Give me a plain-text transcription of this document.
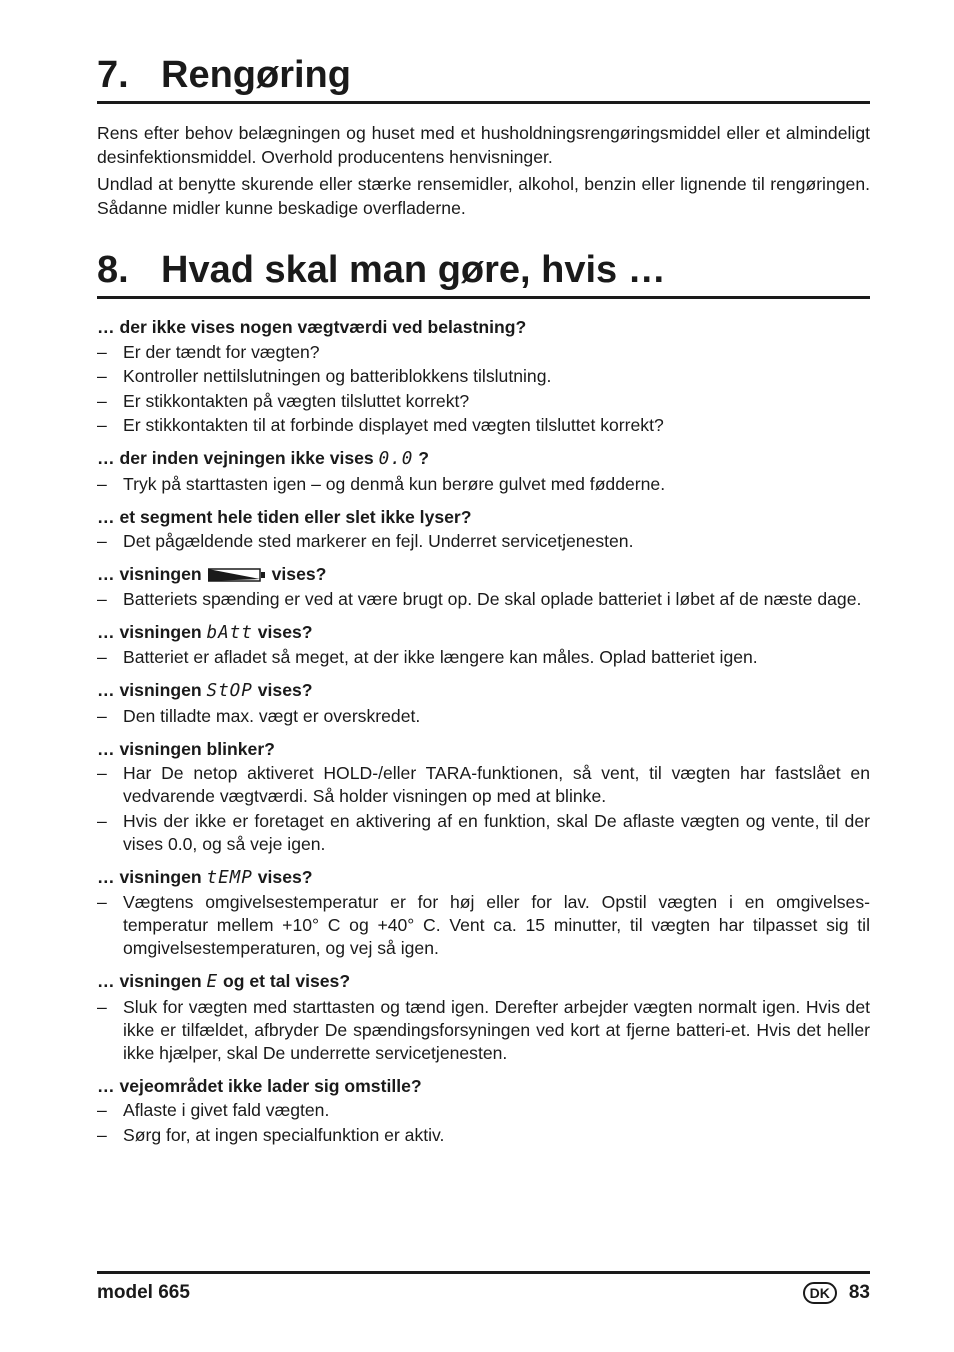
7. Rengøring

Rens efter behov belægningen og huset med et husholdningsrengøringsmiddel eller et almindeligt desinfektionsmiddel. Overhold producentens henvisninger.

Undlad at benytte skurende eller stærke rensemidler, alkohol, benzin eller lignende til rengøringen. Sådanne midler kunne beskadige overfladerne.

8. Hvad skal man gøre, hvis …

… der ikke vises nogen vægtværdi ved belastning?

– Er der tændt for vægten?
– Kontroller nettilslutningen og batteriblokkens tilslutning.
– Er stikkontakten på vægten tilsluttet korrekt?
– Er stikkontakten til at forbinde displayet med vægten tilsluttet korrekt?

… der inden vejningen ikke vises 0.0 ?

– Tryk på starttasten igen – og denmå kun berøre gulvet med fødderne.

… et segment hele tiden eller slet ikke lyser?

– Det pågældende sted markerer en fejl. Underret servicetjenesten.

… visningen	vises?

– Batteriets spænding er ved at være brugt op. De skal oplade batteriet i løbet af de næste dage.

… visningen bAtt vises?

– Batteriet er afladet så meget, at der ikke længere kan måles. Oplad batteriet igen.

… visningen StOP vises?

– Den tilladte max. vægt er overskredet.

… visningen blinker?

– Har De netop aktiveret HOLD-/eller TARA-funktionen, så vent, til vægten har fastslået en vedvarende vægtværdi. Så holder visningen op med at blinke.
– Hvis der ikke er foretaget en aktivering af en funktion, skal De aflaste vægten og vente, til der vises 0.0, og så veje igen.

… visningen tEMP vises?

– Vægtens omgivelsestemperatur er for høj eller for lav. Opstil vægten i en omgivelses-temperatur mellem +10° C og +40° C. Vent ca. 15 minutter, til vægten har tilpasset sig til omgivelsestemperaturen, og vej så igen.

… visningen E og et tal vises?

– Sluk for vægten med starttasten og tænd igen. Derefter arbejder vægten normalt igen. Hvis det ikke er tilfældet, afbryder De spændingsforsyningen ved kort at fjerne batteri-et. Hvis det heller ikke hjælper, skal De underrette servicetjenesten.

… vejeområdet ikke lader sig omstille?

– Aflaste i givet fald vægten.
– Sørg for, at ingen specialfunktion er aktiv.
model 665	DK	83
